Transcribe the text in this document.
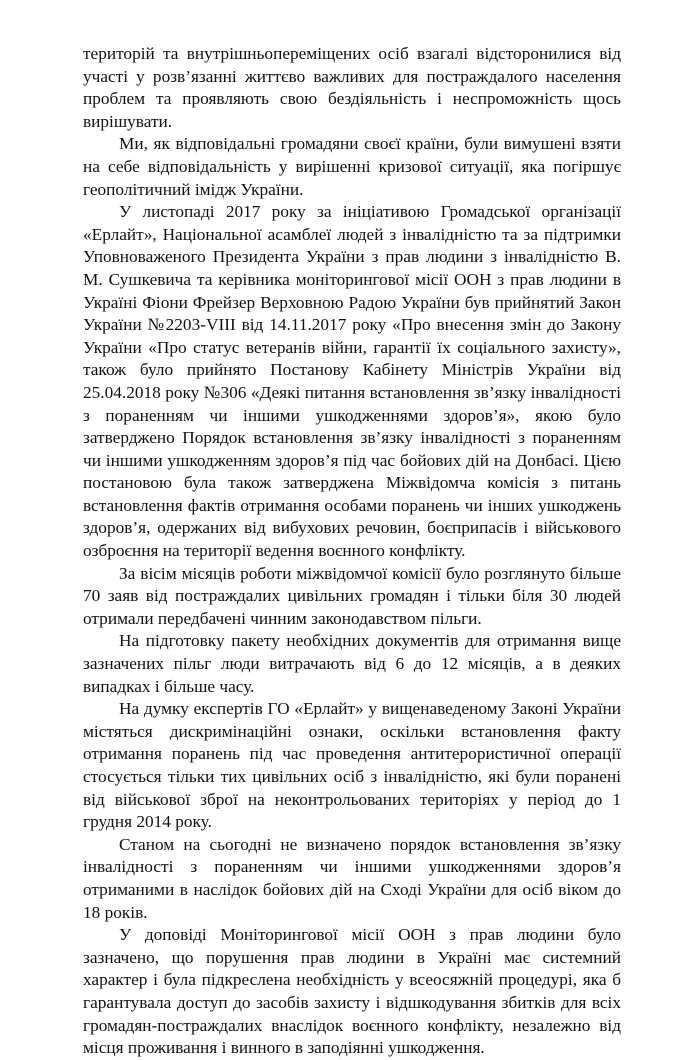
територій та внутрішньопереміщених осіб взагалі відсторонилися від участі у розв’язанні життєво важливих для постраждалого населення проблем та проявляють свою бездіяльність і неспроможність щось вирішувати.

Ми, як відповідальні громадяни своєї країни, були вимушені взяти на себе відповідальність у вирішенні кризової ситуації, яка погіршує геополітичний імідж України.

У листопаді 2017 року за ініціативою Громадської організації «Ерлайт», Національної асамблеї людей з інвалідністю та за підтримки Уповноваженого Президента України з прав людини з інвалідністю В. М. Сушкевича та керівника моніторингової місії ООН з прав людини в Україні Фіони Фрейзер Верховною Радою України був прийнятий Закон України №2203-VIII від 14.11.2017 року «Про внесення змін до Закону України «Про статус ветеранів війни, гарантії їх соціального захисту», також було прийнято Постанову Кабінету Міністрів України від 25.04.2018 року №306 «Деякі питання встановлення зв’язку інвалідності з пораненням чи іншими ушкодженнями здоров’я», якою було затверджено Порядок встановлення зв’язку інвалідності з пораненням чи іншими ушкодженням здоров’я під час бойових дій на Донбасі. Цією постановою була також затверджена Міжвідомча комісія з питань встановлення фактів отримання особами поранень чи інших ушкоджень здоров’я, одержаних від вибухових речовин, боєприпасів і військового озброєння на території ведення воєнного конфлікту.

За вісім місяців роботи міжвідомчої комісії було розглянуто більше 70 заяв від постраждалих цивільних громадян і тільки біля 30 людей отримали передбачені чинним законодавством пільги.

На підготовку пакету необхідних документів для отримання вище зазначених пільг люди витрачають від 6 до 12 місяців, а в деяких випадках і більше часу.

На думку експертів ГО «Ерлайт» у вищенаведеному Законі України містяться дискримінаційні ознаки, оскільки встановлення факту отримання поранень під час проведення антитерористичної операції стосується тільки тих цивільних осіб з інвалідністю, які були поранені від військової зброї на неконтрольованих територіях у період до 1 грудня 2014 року.

Станом на сьогодні не визначено порядок встановлення зв’язку інвалідності з пораненням чи іншими ушкодженнями здоров’я отриманими в наслідок бойових дій на Сході України для осіб віком до 18 років.

У доповіді Моніторингової місії ООН з прав людини було зазначено, що порушення прав людини в Україні має системний характер і була підкреслена необхідність у всеосяжній процедурі, яка б гарантувала доступ до засобів захисту і відшкодування збитків для всіх громадян-постраждалих внаслідок воєнного конфлікту, незалежно від місця проживання і винного в заподіянні ушкодження.
